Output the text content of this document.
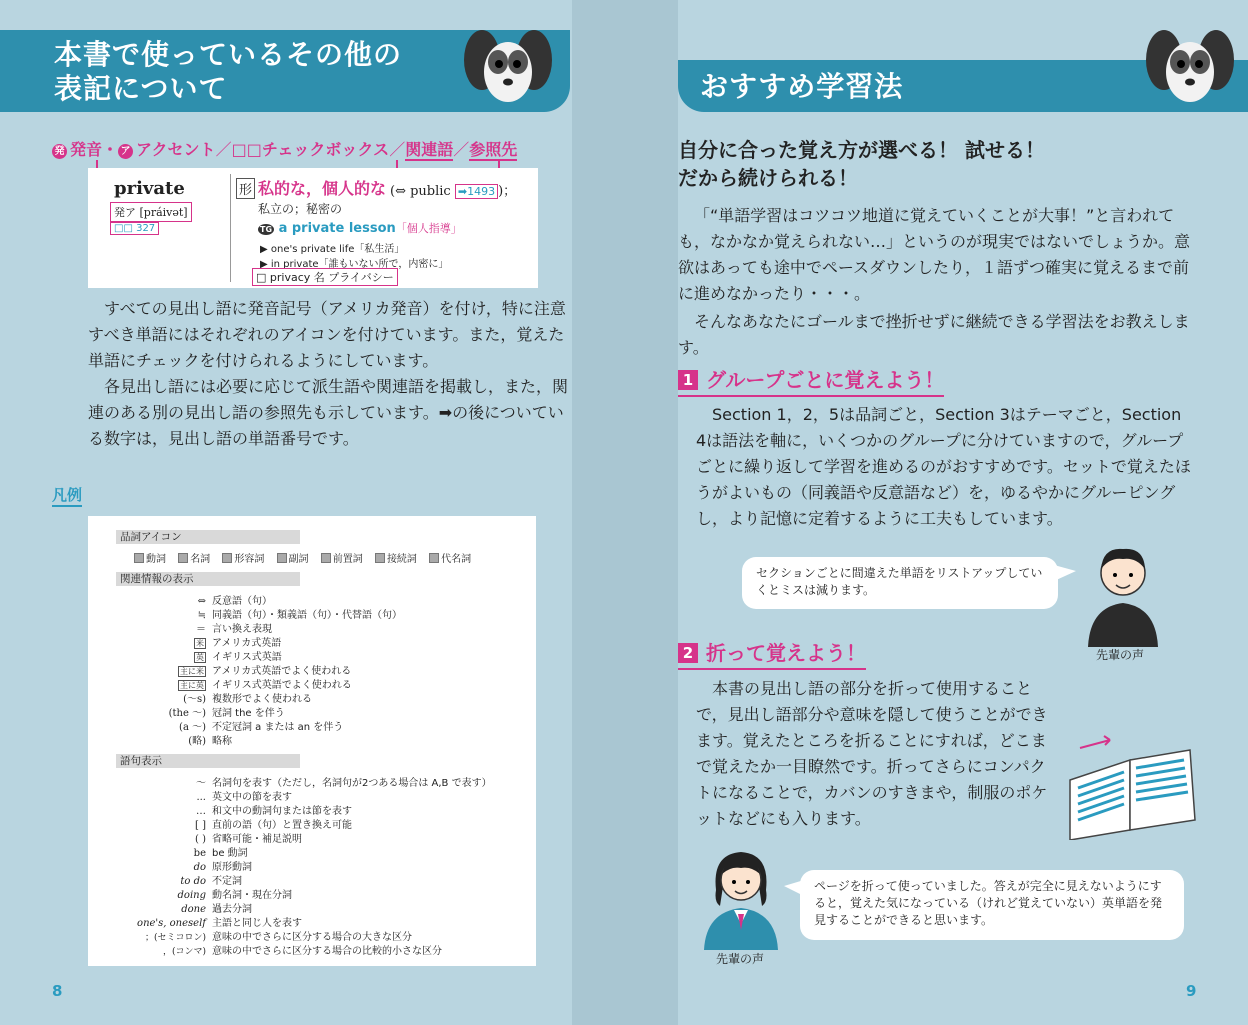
本書で使っているその他の
表記について
発 発音・ ア アクセント／□□チェックボックス／関連語／参照先
private
発ア [práivət]
□□ 327
形 私的な，個人的な (⇔ public ➡1493 )；
私立の；秘密の
TG a private lesson「個人指導」
▶ one's private life「私生活」
▶ in private「誰もいない所で，内密に」
□ privacy 名 プライバシー

すべての見出し語に発音記号（アメリカ発音）を付け，特に注意すべき単語にはそれぞれのアイコンを付けています。また，覚えた単語にチェックを付けられるようにしています。

各見出し語には必要に応じて派生語や関連語を掲載し，また，関連のある別の見出し語の参照先も示しています。➡の後についている数字は，見出し語の単語番号です。

凡例
品詞アイコン
動詞 名詞 形容詞 副詞 前置詞 接続詞 代名詞
関連情報の表示
⇔ 反意語（句）
≒ 同義語（句）・類義語（句）・代替語（句）
＝ 言い換え表現
米 アメリカ式英語
英 イギリス式英語
主に米 アメリカ式英語でよく使われる
主に英 イギリス式英語でよく使われる
(～s) 複数形でよく使われる
(the ～) 冠詞 the を伴う
(a ～) 不定冠詞 a または an を伴う
(略) 略称
語句表示
～ 名詞句を表す（ただし，名詞句が2つある場合は A,B で表す）
... 英文中の節を表す
… 和文中の動詞句または節を表す
[ ] 直前の語（句）と置き換え可能
( ) 省略可能・補足説明
be be 動詞
do 原形動詞
to do 不定詞
doing 動名詞・現在分詞
done 過去分詞
one's, oneself 主語と同じ人を表す
；(セミコロン) 意味の中でさらに区分する場合の大きな区分
，(コンマ) 意味の中でさらに区分する場合の比較的小さな区分
8
おすすめ学習法
自分に合った覚え方が選べる！ 試せる！
だから続けられる！

「“単語学習はコツコツ地道に覚えていくことが大事！”と言われても，なかなか覚えられない…」というのが現実ではないでしょうか。意欲はあっても途中でペースダウンしたり，１語ずつ確実に覚えるまで前に進めなかったり・・・。

そんなあなたにゴールまで挫折せずに継続できる学習法をお教えします。

1 グループごとに覚えよう！

Section 1，2，5は品詞ごと，Section 3はテーマごと，Section 4は語法を軸に，いくつかのグループに分けていますので，グループごとに繰り返して学習を進めるのがおすすめです。セットで覚えたほうがよいもの（同義語や反意語など）を，ゆるやかにグルーピングし，より記憶に定着するように工夫もしています。

セクションごとに間違えた単語をリストアップしていくとミスは減ります。
先輩の声
2 折って覚えよう！

本書の見出し語の部分を折って使用することで，見出し語部分や意味を隠して使うことができます。覚えたところを折ることにすれば，どこまで覚えたか一目瞭然です。折ってさらにコンパクトになることで，カバンのすきまや，制服のポケットなどにも入ります。

先輩の声
ページを折って使っていました。答えが完全に見えないようにすると，覚えた気になっている（けれど覚えていない）英単語を発見することができると思います。
9
